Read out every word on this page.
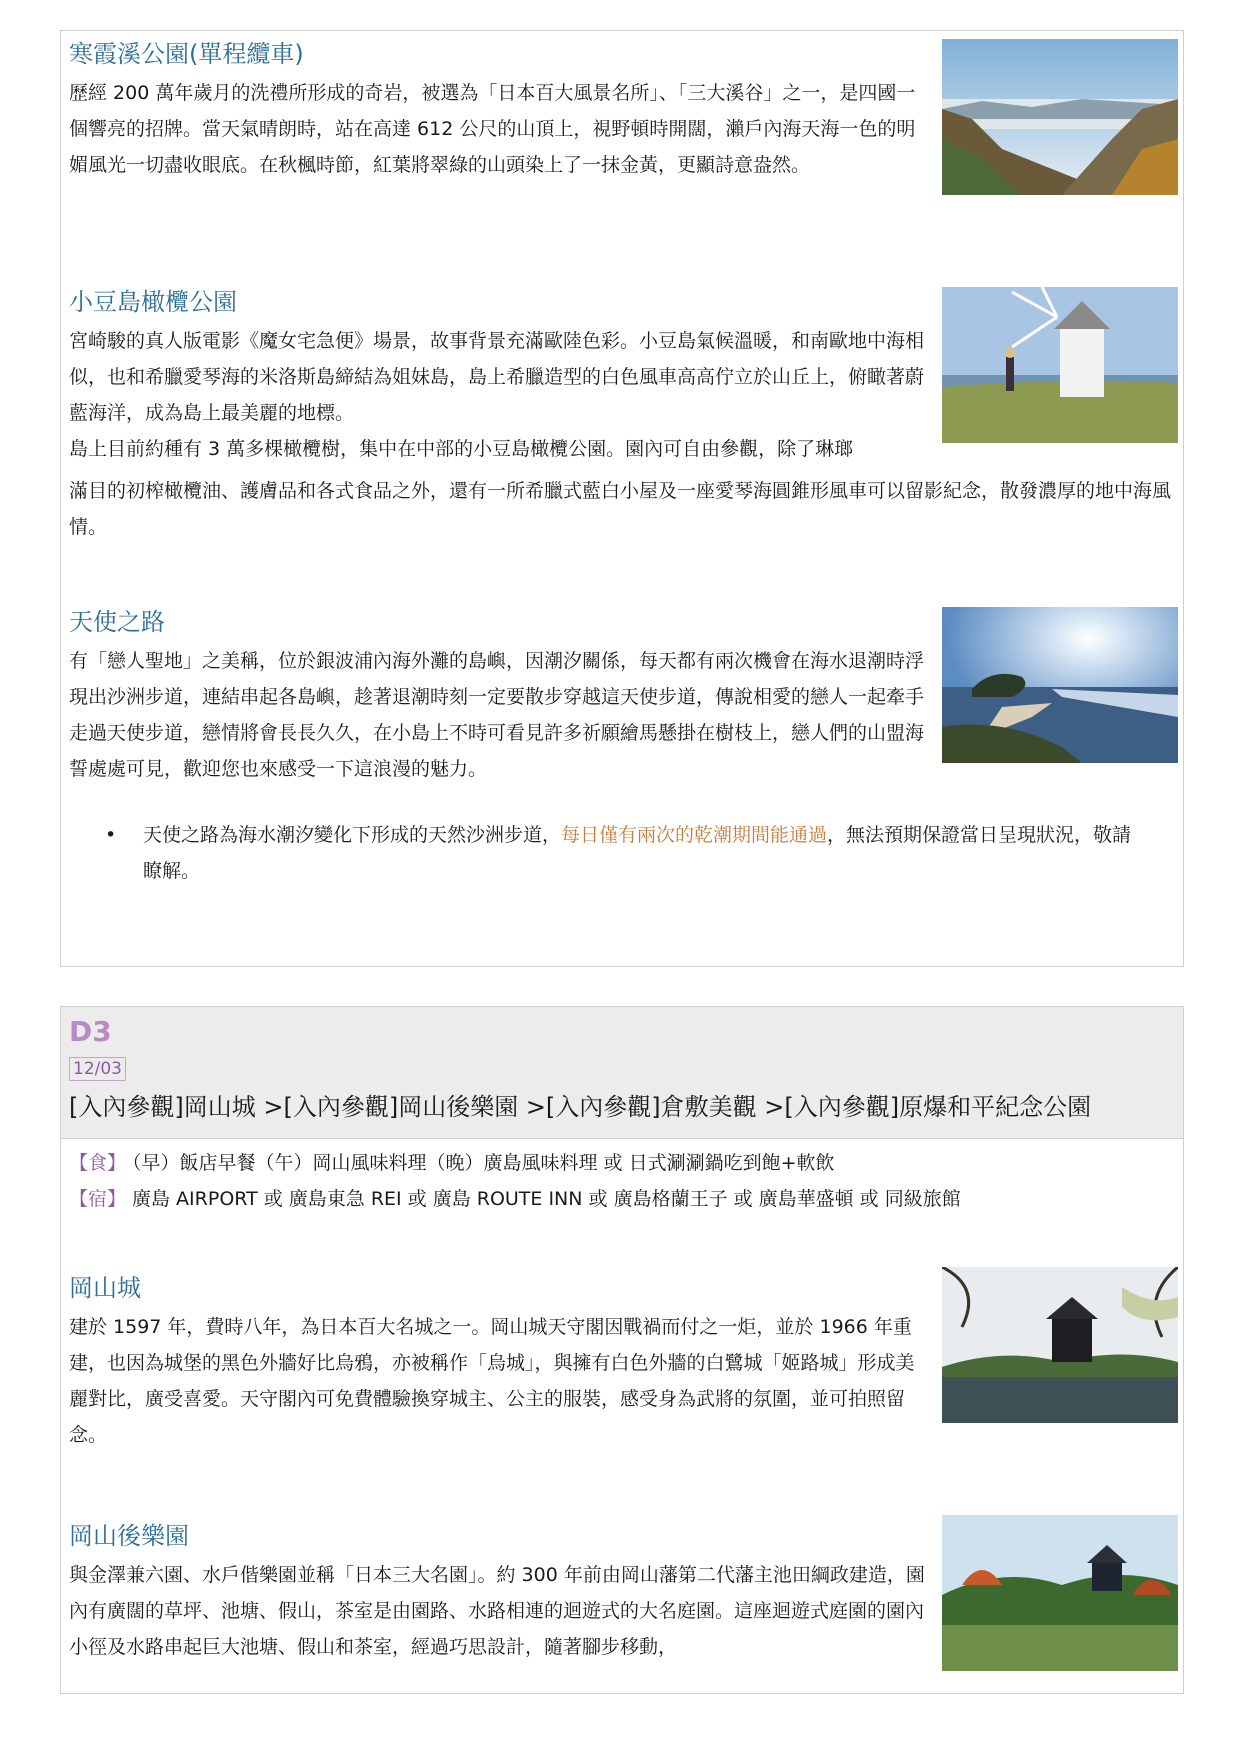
寒霞溪公園(單程纜車)

歷經 200 萬年歲月的洗禮所形成的奇岩，被選為「日本百大風景名所」、「三大溪谷」之一，是四國一個響亮的招牌。當天氣晴朗時，站在高達 612 公尺的山頂上，視野頓時開闊，瀨戶內海天海一色的明媚風光一切盡收眼底。在秋楓時節，紅葉將翠綠的山頭染上了一抹金黃，更顯詩意盎然。

小豆島橄欖公園

宮崎駿的真人版電影《魔女宅急便》場景，故事背景充滿歐陸色彩。小豆島氣候溫暖，和南歐地中海相似，也和希臘愛琴海的米洛斯島締結為姐妹島，島上希臘造型的白色風車高高佇立於山丘上，俯瞰著蔚藍海洋，成為島上最美麗的地標。

島上目前約種有 3 萬多棵橄欖樹，集中在中部的小豆島橄欖公園。園內可自由參觀，除了琳瑯

滿目的初榨橄欖油、護膚品和各式食品之外，還有一所希臘式藍白小屋及一座愛琴海圓錐形風車可以留影紀念，散發濃厚的地中海風情。

天使之路

有「戀人聖地」之美稱，位於銀波浦內海外灘的島嶼，因潮汐關係，每天都有兩次機會在海水退潮時浮現出沙洲步道，連結串起各島嶼，趁著退潮時刻一定要散步穿越這天使步道，傳說相愛的戀人一起牽手走過天使步道，戀情將會長長久久，在小島上不時可看見許多祈願繪馬懸掛在樹枝上，戀人們的山盟海誓處處可見，歡迎您也來感受一下這浪漫的魅力。

• 天使之路為海水潮汐變化下形成的天然沙洲步道，每日僅有兩次的乾潮期間能通過，無法預期保證當日呈現狀況，敬請瞭解。
D3
12/03
[入內參觀]岡山城 >[入內參觀]岡山後樂園 >[入內參觀]倉敷美觀 >[入內參觀]原爆和平紀念公園
【食】 （早）飯店早餐（午）岡山風味料理（晚）廣島風味料理 或 日式涮涮鍋吃到飽+軟飲
【宿】 廣島 AIRPORT 或 廣島東急 REI 或 廣島 ROUTE INN 或 廣島格蘭王子 或 廣島華盛頓 或 同級旅館
岡山城

建於 1597 年，費時八年，為日本百大名城之一。岡山城天守閣因戰禍而付之一炬，並於 1966 年重建，也因為城堡的黑色外牆好比烏鴉，亦被稱作「烏城」，與擁有白色外牆的白鷺城「姬路城」形成美麗對比，廣受喜愛。天守閣內可免費體驗換穿城主、公主的服裝，感受身為武將的氛圍，並可拍照留念。

岡山後樂園

與金澤兼六園、水戶偕樂園並稱「日本三大名園」。約 300 年前由岡山藩第二代藩主池田綱政建造，園內有廣闊的草坪、池塘、假山，茶室是由園路、水路相連的迴遊式的大名庭園。這座迴遊式庭園的園內小徑及水路串起巨大池塘、假山和茶室，經過巧思設計，隨著腳步移動，
